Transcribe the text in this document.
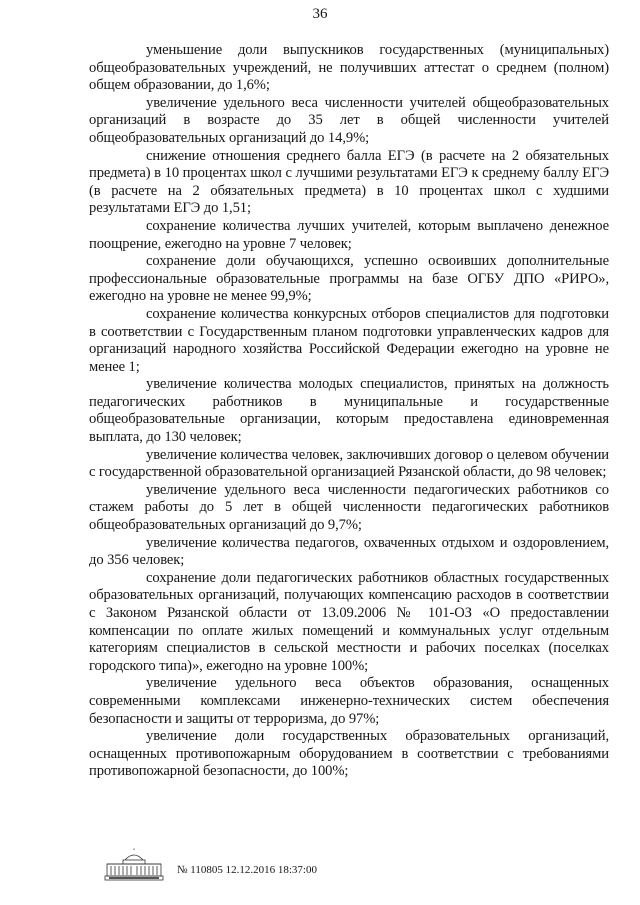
36

уменьшение доли выпускников государственных (муниципальных) общеобразовательных учреждений, не получивших аттестат о среднем (полном) общем образовании, до 1,6%;

увеличение удельного веса численности учителей общеобразовательных организаций в возрасте до 35 лет в общей численности учителей общеобразовательных организаций до 14,9%;

снижение отношения среднего балла ЕГЭ (в расчете на 2 обязательных предмета) в 10 процентах школ с лучшими результатами ЕГЭ к среднему баллу ЕГЭ (в расчете на 2 обязательных предмета) в 10 процентах школ с худшими результатами ЕГЭ до 1,51;

сохранение количества лучших учителей, которым выплачено денежное поощрение, ежегодно на уровне 7 человек;

сохранение доли обучающихся, успешно освоивших дополнительные профессиональные образовательные программы на базе ОГБУ ДПО «РИРО», ежегодно на уровне не менее 99,9%;

сохранение количества конкурсных отборов специалистов для подготовки в соответствии с Государственным планом подготовки управленческих кадров для организаций народного хозяйства Российской Федерации ежегодно на уровне не менее 1;

увеличение количества молодых специалистов, принятых на должность педагогических работников в муниципальные и государственные общеобразовательные организации, которым предоставлена единовременная выплата, до 130 человек;

увеличение количества человек, заключивших договор о целевом обучении с государственной образовательной организацией Рязанской области, до 98 человек;

увеличение удельного веса численности педагогических работников со стажем работы до 5 лет в общей численности педагогических работников общеобразовательных организаций до 9,7%;

увеличение количества педагогов, охваченных отдыхом и оздоровлением, до 356 человек;

сохранение доли педагогических работников областных государственных образовательных организаций, получающих компенсацию расходов в соответствии с Законом Рязанской области от 13.09.2006 № 101-ОЗ «О предоставлении компенсации по оплате жилых помещений и коммунальных услуг отдельным категориям специалистов в сельской местности и рабочих поселках (поселках городского типа)», ежегодно на уровне 100%;

увеличение удельного веса объектов образования, оснащенных современными комплексами инженерно-технических систем обеспечения безопасности и защиты от терроризма, до 97%;

увеличение доли государственных образовательных организаций, оснащенных противопожарным оборудованием в соответствии с требованиями противопожарной безопасности, до 100%;

№ 110805 12.12.2016 18:37:00
